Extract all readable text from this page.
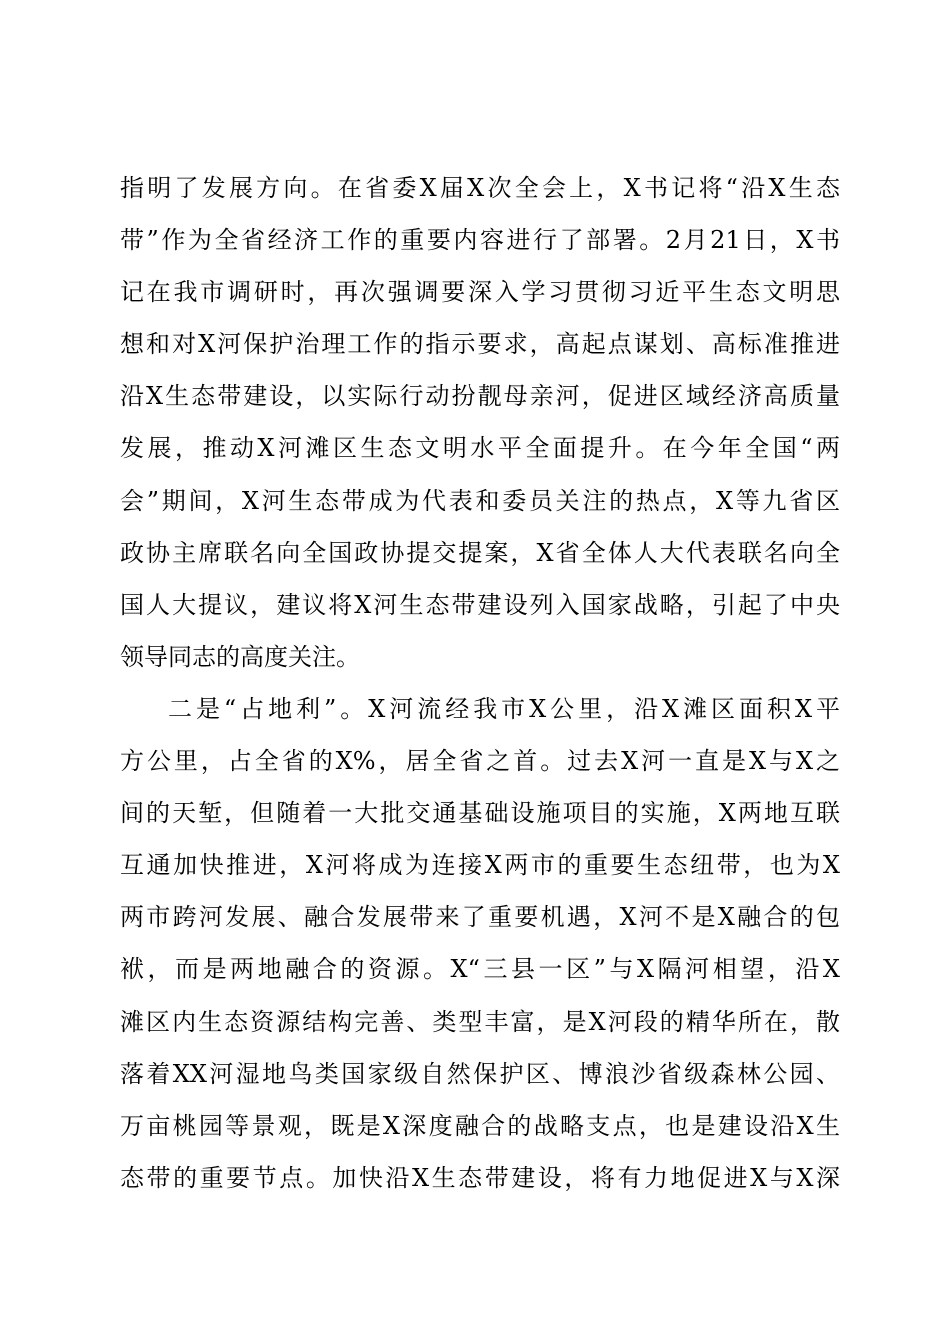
指明了发展方向。在省委X届X次全会上，X书记将“沿X生态
带”作为全省经济工作的重要内容进行了部署。2月21日，X书
记在我市调研时，再次强调要深入学习贯彻习近平生态文明思
想和对X河保护治理工作的指示要求，高起点谋划、高标准推进
沿X生态带建设，以实际行动扮靓母亲河，促进区域经济高质量
发展，推动X河滩区生态文明水平全面提升。在今年全国“两
会”期间，X河生态带成为代表和委员关注的热点，X等九省区
政协主席联名向全国政协提交提案，X省全体人大代表联名向全
国人大提议，建议将X河生态带建设列入国家战略，引起了中央
领导同志的高度关注。
二是“占地利”。X河流经我市X公里，沿X滩区面积X平
方公里，占全省的X%，居全省之首。过去X河一直是X与X之
间的天堑，但随着一大批交通基础设施项目的实施，X两地互联
互通加快推进，X河将成为连接X两市的重要生态纽带，也为X
两市跨河发展、融合发展带来了重要机遇，X河不是X融合的包
袱，而是两地融合的资源。X“三县一区”与X隔河相望，沿X
滩区内生态资源结构完善、类型丰富，是X河段的精华所在，散
落着XX河湿地鸟类国家级自然保护区、博浪沙省级森林公园、
万亩桃园等景观，既是X深度融合的战略支点，也是建设沿X生
态带的重要节点。加快沿X生态带建设，将有力地促进X与X深
